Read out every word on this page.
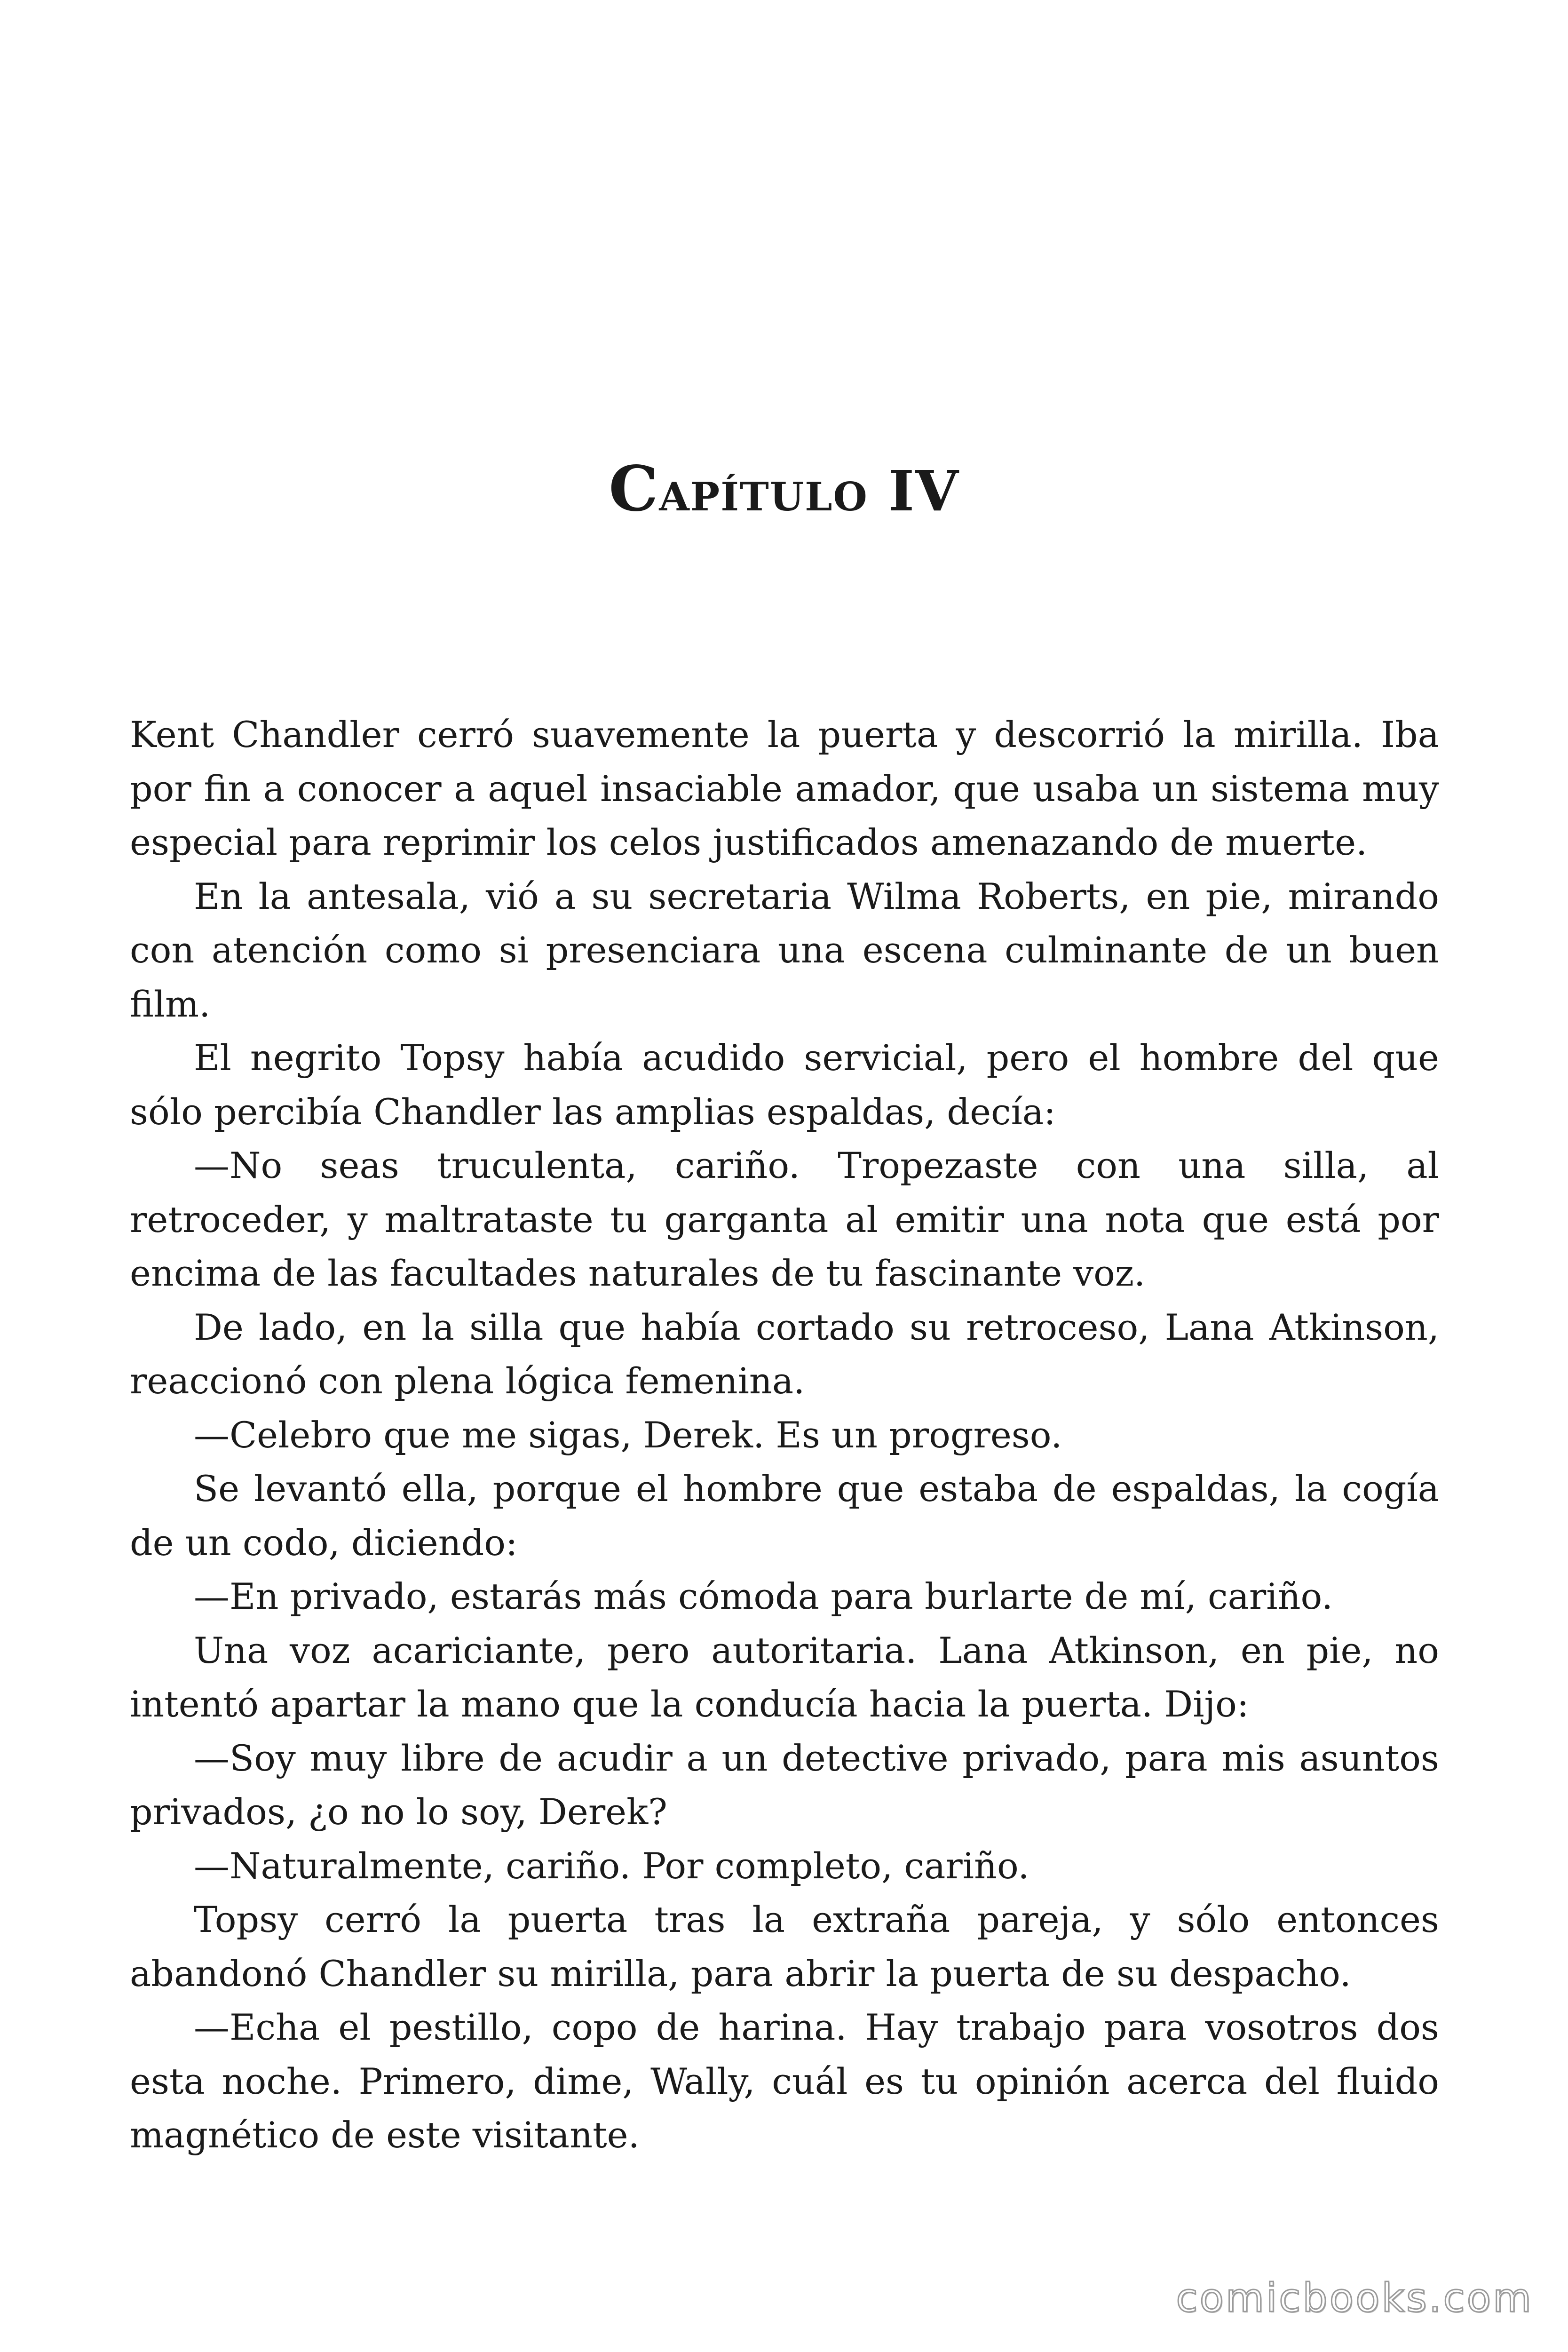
Capítulo IV

Kent Chandler cerró suavemente la puerta y descorrió la mirilla. Iba por fin a conocer a aquel insaciable amador, que usaba un sistema muy especial para reprimir los celos justificados amenazando de muerte.

En la antesala, vió a su secretaria Wilma Roberts, en pie, mirando con atención como si presenciara una escena culminante de un buen film.

El negrito Topsy había acudido servicial, pero el hombre del que sólo percibía Chandler las amplias espaldas, decía:

—No seas truculenta, cariño. Tropezaste con una silla, al retroceder, y maltrataste tu garganta al emitir una nota que está por encima de las facultades naturales de tu fascinante voz.

De lado, en la silla que había cortado su retroceso, Lana Atkinson, reaccionó con plena lógica femenina.

—Celebro que me sigas, Derek. Es un progreso.

Se levantó ella, porque el hombre que estaba de espaldas, la cogía de un codo, diciendo:

—En privado, estarás más cómoda para burlarte de mí, cariño.

Una voz acariciante, pero autoritaria. Lana Atkinson, en pie, no intentó apartar la mano que la conducía hacia la puerta. Dijo:

—Soy muy libre de acudir a un detective privado, para mis asuntos privados, ¿o no lo soy, Derek?

—Naturalmente, cariño. Por completo, cariño.

Topsy cerró la puerta tras la extraña pareja, y sólo entonces abandonó Chandler su mirilla, para abrir la puerta de su despacho.

—Echa el pestillo, copo de harina. Hay trabajo para vosotros dos esta noche. Primero, dime, Wally, cuál es tu opinión acerca del fluido magnético de este visitante.

comicbooks.com
